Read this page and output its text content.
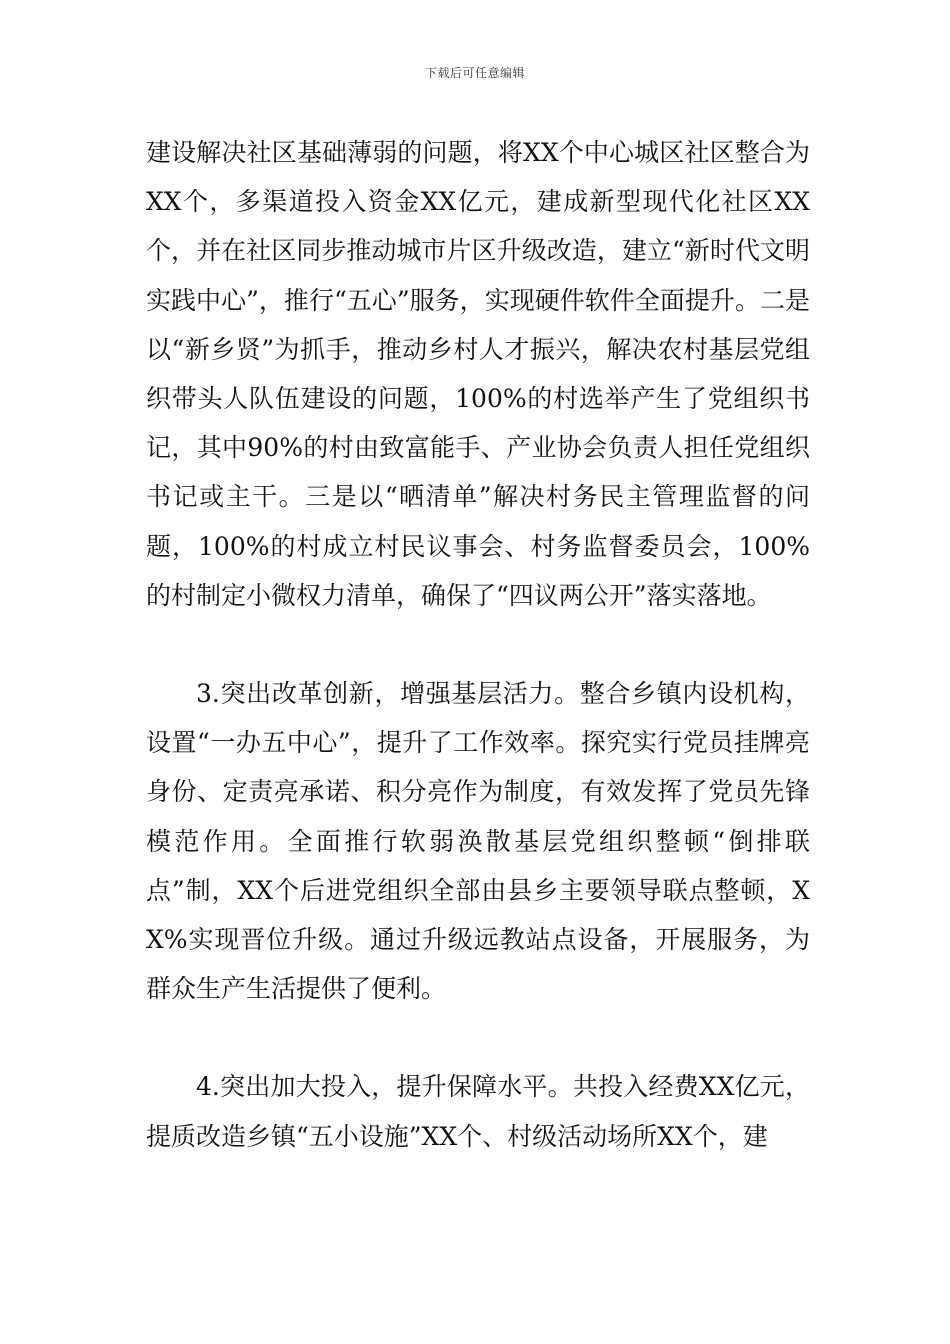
下载后可任意编辑

建设解决社区基础薄弱的问题，将XX个中心城区社区整合为XX个，多渠道投入资金XX亿元，建成新型现代化社区XX个，并在社区同步推动城市片区升级改造，建立“新时代文明实践中心”，推行“五心”服务，实现硬件软件全面提升。二是以“新乡贤”为抓手，推动乡村人才振兴，解决农村基层党组织带头人队伍建设的问题，100%的村选举产生了党组织书记，其中90%的村由致富能手、产业协会负责人担任党组织书记或主干。三是以“晒清单”解决村务民主管理监督的问题，100%的村成立村民议事会、村务监督委员会，100%的村制定小微权力清单，确保了“四议两公开”落实落地。

3.突出改革创新，增强基层活力。整合乡镇内设机构，设置“一办五中心”，提升了工作效率。探究实行党员挂牌亮身份、定责亮承诺、积分亮作为制度，有效发挥了党员先锋模范作用。全面推行软弱涣散基层党组织整顿“倒排联点”制，XX个后进党组织全部由县乡主要领导联点整顿，XX%实现晋位升级。通过升级远教站点设备，开展服务，为群众生产生活提供了便利。

4.突出加大投入，提升保障水平。共投入经费XX亿元，提质改造乡镇“五小设施”XX个、村级活动场所XX个，建
